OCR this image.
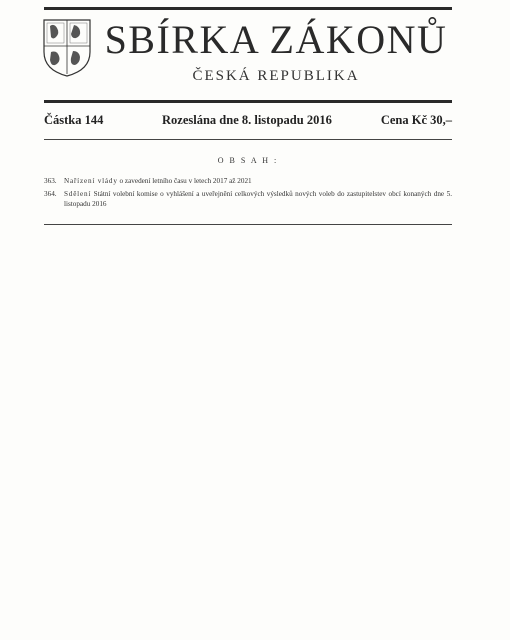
SBÍRKA ZÁKONŮ
ČESKÁ REPUBLIKA
Částka 144	Rozeslána dne 8. listopadu 2016	Cena Kč 30,–
O B S A H :
363. Nařízení vlády o zavedení letního času v letech 2017 až 2021
364. Sdělení Státní volební komise o vyhlášení a uveřejnění celkových výsledků nových voleb do zastupitelstev obcí konaných dne 5. listopadu 2016
